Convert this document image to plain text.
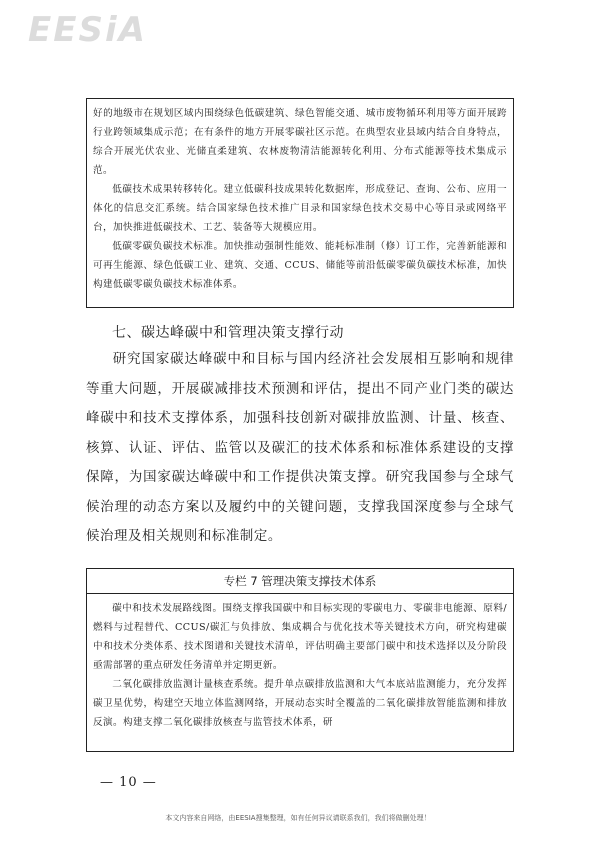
EESiA

好的地级市在规划区域内围绕绿色低碳建筑、绿色智能交通、城市废物循环利用等方面开展跨行业跨领域集成示范；在有条件的地方开展零碳社区示范。在典型农业县域内结合自身特点，综合开展光伏农业、光储直柔建筑、农林废物清洁能源转化利用、分布式能源等技术集成示范。

低碳技术成果转移转化。建立低碳科技成果转化数据库，形成登记、查询、公布、应用一体化的信息交汇系统。结合国家绿色技术推广目录和国家绿色技术交易中心等目录或网络平台，加快推进低碳技术、工艺、装备等大规模应用。

低碳零碳负碳技术标准。加快推动强制性能效、能耗标准制（修）订工作，完善新能源和可再生能源、绿色低碳工业、建筑、交通、CCUS、储能等前沿低碳零碳负碳技术标准，加快构建低碳零碳负碳技术标准体系。

七、碳达峰碳中和管理决策支撑行动

研究国家碳达峰碳中和目标与国内经济社会发展相互影响和规律等重大问题，开展碳减排技术预测和评估，提出不同产业门类的碳达峰碳中和技术支撑体系，加强科技创新对碳排放监测、计量、核查、核算、认证、评估、监管以及碳汇的技术体系和标准体系建设的支撑保障，为国家碳达峰碳中和工作提供决策支撑。研究我国参与全球气候治理的动态方案以及履约中的关键问题，支撑我国深度参与全球气候治理及相关规则和标准制定。

专栏 7 管理决策支撑技术体系

碳中和技术发展路线图。围绕支撑我国碳中和目标实现的零碳电力、零碳非电能源、原料/燃料与过程替代、CCUS/碳汇与负排放、集成耦合与优化技术等关键技术方向，研究构建碳中和技术分类体系、技术图谱和关键技术清单，评估明确主要部门碳中和技术选择以及分阶段亟需部署的重点研发任务清单并定期更新。

二氧化碳排放监测计量核查系统。提升单点碳排放监测和大气本底站监测能力，充分发挥碳卫星优势，构建空天地立体监测网络，开展动态实时全覆盖的二氧化碳排放智能监测和排放反演。构建支撑二氧化碳排放核查与监管技术体系，研

— 10 —
本文内容来自网络，由EESIA搜集整理，如有任何异议请联系我们，我们将做删处理！
